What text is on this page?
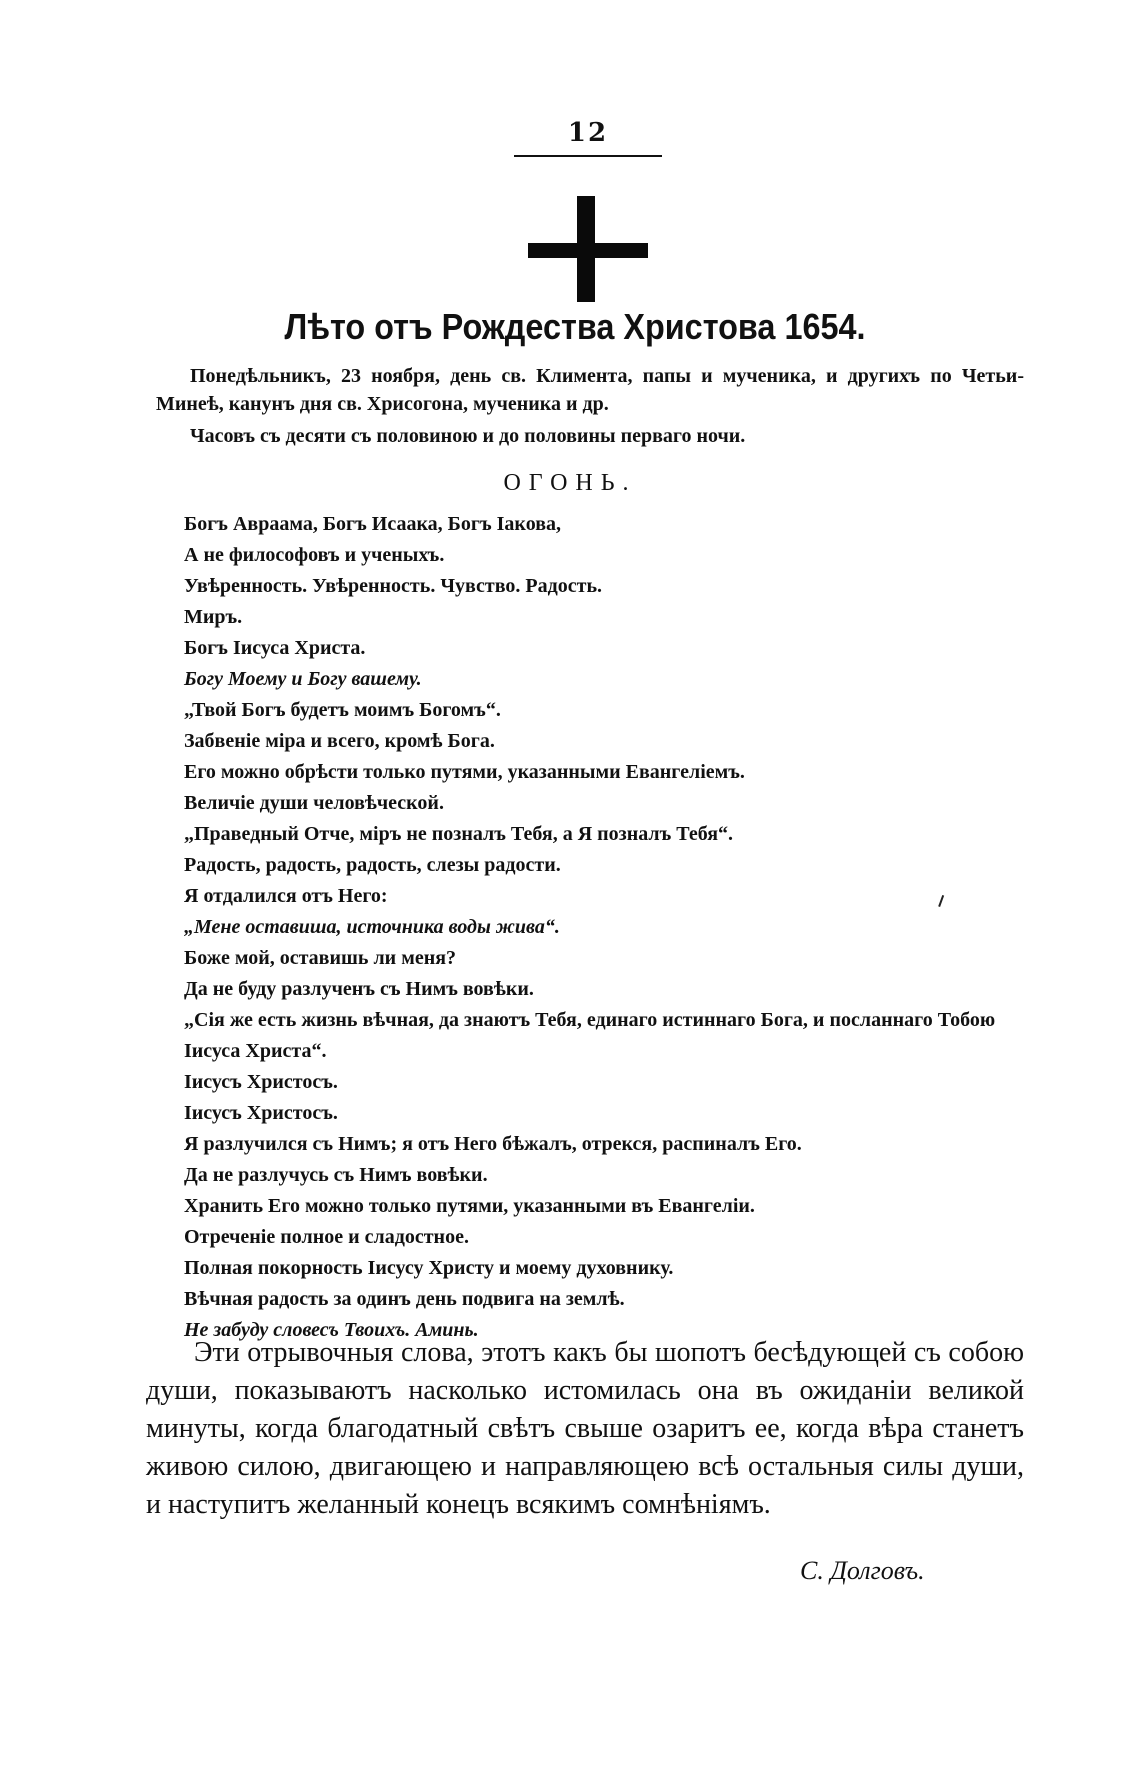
12
Лѣто отъ Рождества Христова 1654.

Понедѣльникъ, 23 ноября, день св. Климента, папы и мученика, и другихъ по Четьи-Минеѣ, канунъ дня св. Хрисогона, мученика и др.

Часовъ съ десяти съ половиною и до половины перваго ночи.

ОГОНЬ.
Богъ Авраама, Богъ Исаака, Богъ Іакова,
А не философовъ и ученыхъ.
Увѣренность. Увѣренность. Чувство. Радость.
Миръ.
Богъ Іисуса Христа.
Богу Моему и Богу вашему.
„Твой Богъ будетъ моимъ Богомъ“.
Забвеніе міра и всего, кромѣ Бога.
Его можно обрѣсти только путями, указанными Евангеліемъ.
Величіе души человѣческой.
„Праведный Отче, міръ не позналъ Тебя, а Я позналъ Тебя“.
Радость, радость, радость, слезы радости.
Я отдалился отъ Него:
„Мене оставиша, источника воды жива“.
Боже мой, оставишь ли меня?
Да не буду разлученъ съ Нимъ вовѣки.
„Сія же есть жизнь вѣчная, да знаютъ Тебя, единаго истиннаго Бога, и посланнаго Тобою Іисуса Христа“.
Іисусъ Христосъ.
Іисусъ Христосъ.
Я разлучился съ Нимъ; я отъ Него бѣжалъ, отрекся, распиналъ Его.
Да не разлучусь съ Нимъ вовѣки.
Хранить Его можно только путями, указанными въ Евангеліи.
Отреченіе полное и сладостное.
Полная покорность Іисусу Христу и моему духовнику.
Вѣчная радость за одинъ день подвига на землѣ.
Не забуду словесъ Твоихъ. Аминь.
Эти отрывочныя слова, этотъ какъ бы шопотъ бесѣдующей съ собою души, показываютъ насколько истомилась она въ ожиданіи великой минуты, когда благодатный свѣтъ свыше озаритъ ее, когда вѣра станетъ живою силою, двигающею и направляющею всѣ остальныя силы души, и наступитъ желанный конецъ всякимъ сомнѣніямъ.
С. Долговъ.
